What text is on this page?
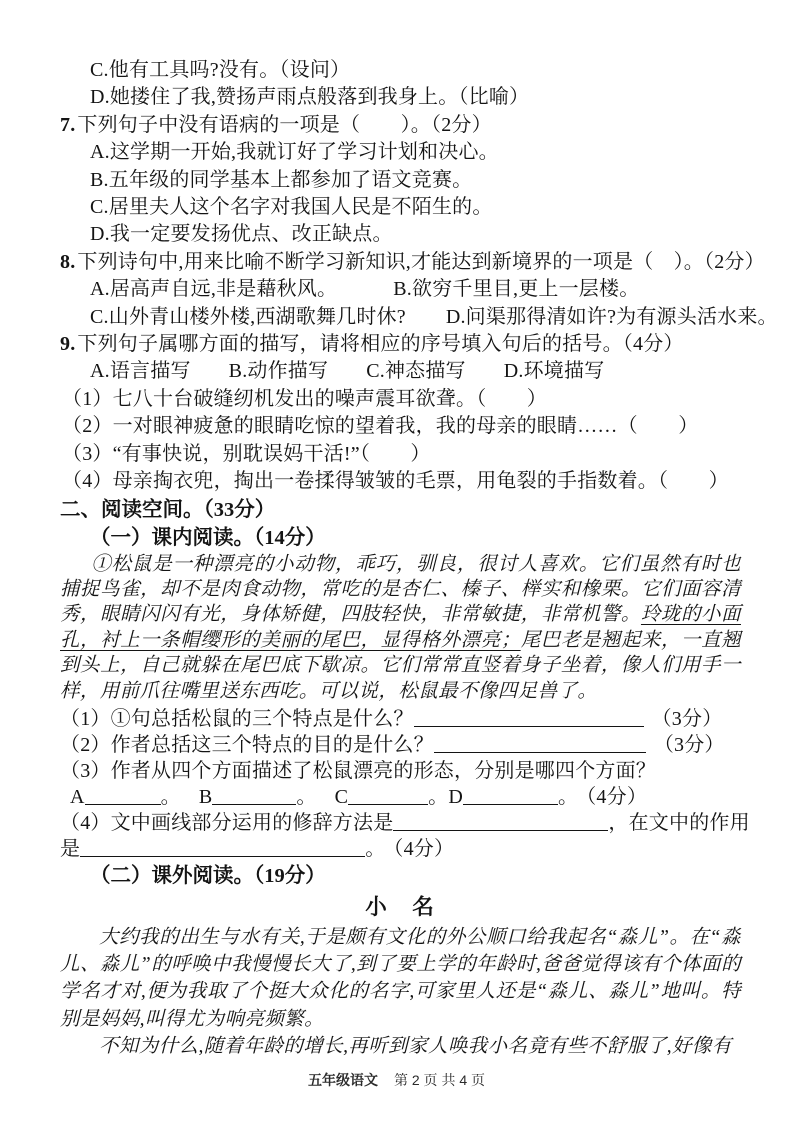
C.他有工具吗?没有。（设问）
D.她搂住了我,赞扬声雨点般落到我身上。（比喻）
7. 下列句子中没有语病的一项是（　　）。（2分）
A.这学期一开始,我就订好了学习计划和决心。
B.五年级的同学基本上都参加了语文竞赛。
C.居里夫人这个名字对我国人民是不陌生的。
D.我一定要发扬优点、改正缺点。
8. 下列诗句中,用来比喻不断学习新知识,才能达到新境界的一项是（　）。（2分）
A.居高声自远,非是藉秋风。	B.欲穷千里目,更上一层楼。
C.山外青山楼外楼,西湖歌舞几时休? D.问渠那得清如许?为有源头活水来。
9. 下列句子属哪方面的描写，请将相应的序号填入句后的括号。（4分）
A.语言描写 B.动作描写 C.神态描写 D.环境描写
（1）七八十台破缝纫机发出的噪声震耳欲聋。（　　）
（2）一对眼神疲惫的眼睛吃惊的望着我，我的母亲的眼睛……（　　）
（3）“有事快说，别耽误妈干活!”（　　）
（4）母亲掏衣兜，掏出一卷揉得皱皱的毛票，用龟裂的手指数着。（　　）
二、阅读空间。（33分）
（一）课内阅读。（14分）

①松鼠是一种漂亮的小动物，乖巧，驯良，很讨人喜欢。它们虽然有时也捕捉鸟雀，却不是肉食动物，常吃的是杏仁、榛子、榉实和橡栗。它们面容清秀，眼睛闪闪有光，身体矫健，四肢轻快，非常敏捷，非常机警。玲珑的小面孔，衬上一条帽缨形的美丽的尾巴，显得格外漂亮；尾巴老是翘起来，一直翘到头上，自己就躲在尾巴底下歇凉。它们常常直竖着身子坐着，像人们用手一样，用前爪往嘴里送东西吃。可以说，松鼠最不像四足兽了。

（1）①句总括松鼠的三个特点是什么？	（3分）
（2）作者总括这三个特点的目的是什么？	（3分）
（3）作者从四个方面描述了松鼠漂亮的形态，分别是哪四个方面？
A	。 B	。 C	。D	。 （4分）
（4）文中画线部分运用的修辞方法是	，在文中的作用
是	。 （4分）
（二）课外阅读。（19分）
小　名

大约我的出生与水有关,于是颇有文化的外公顺口给我起名“淼儿”。在“淼儿、淼儿”的呼唤中我慢慢长大了,到了要上学的年龄时,爸爸觉得该有个体面的学名才对,便为我取了个挺大众化的名字,可家里人还是“淼儿、淼儿”地叫。特别是妈妈,叫得尤为响亮频繁。

不知为什么,随着年龄的增长,再听到家人唤我小名竟有些不舒服了,好像有

五年级语文 第 2 页 共 4 页
